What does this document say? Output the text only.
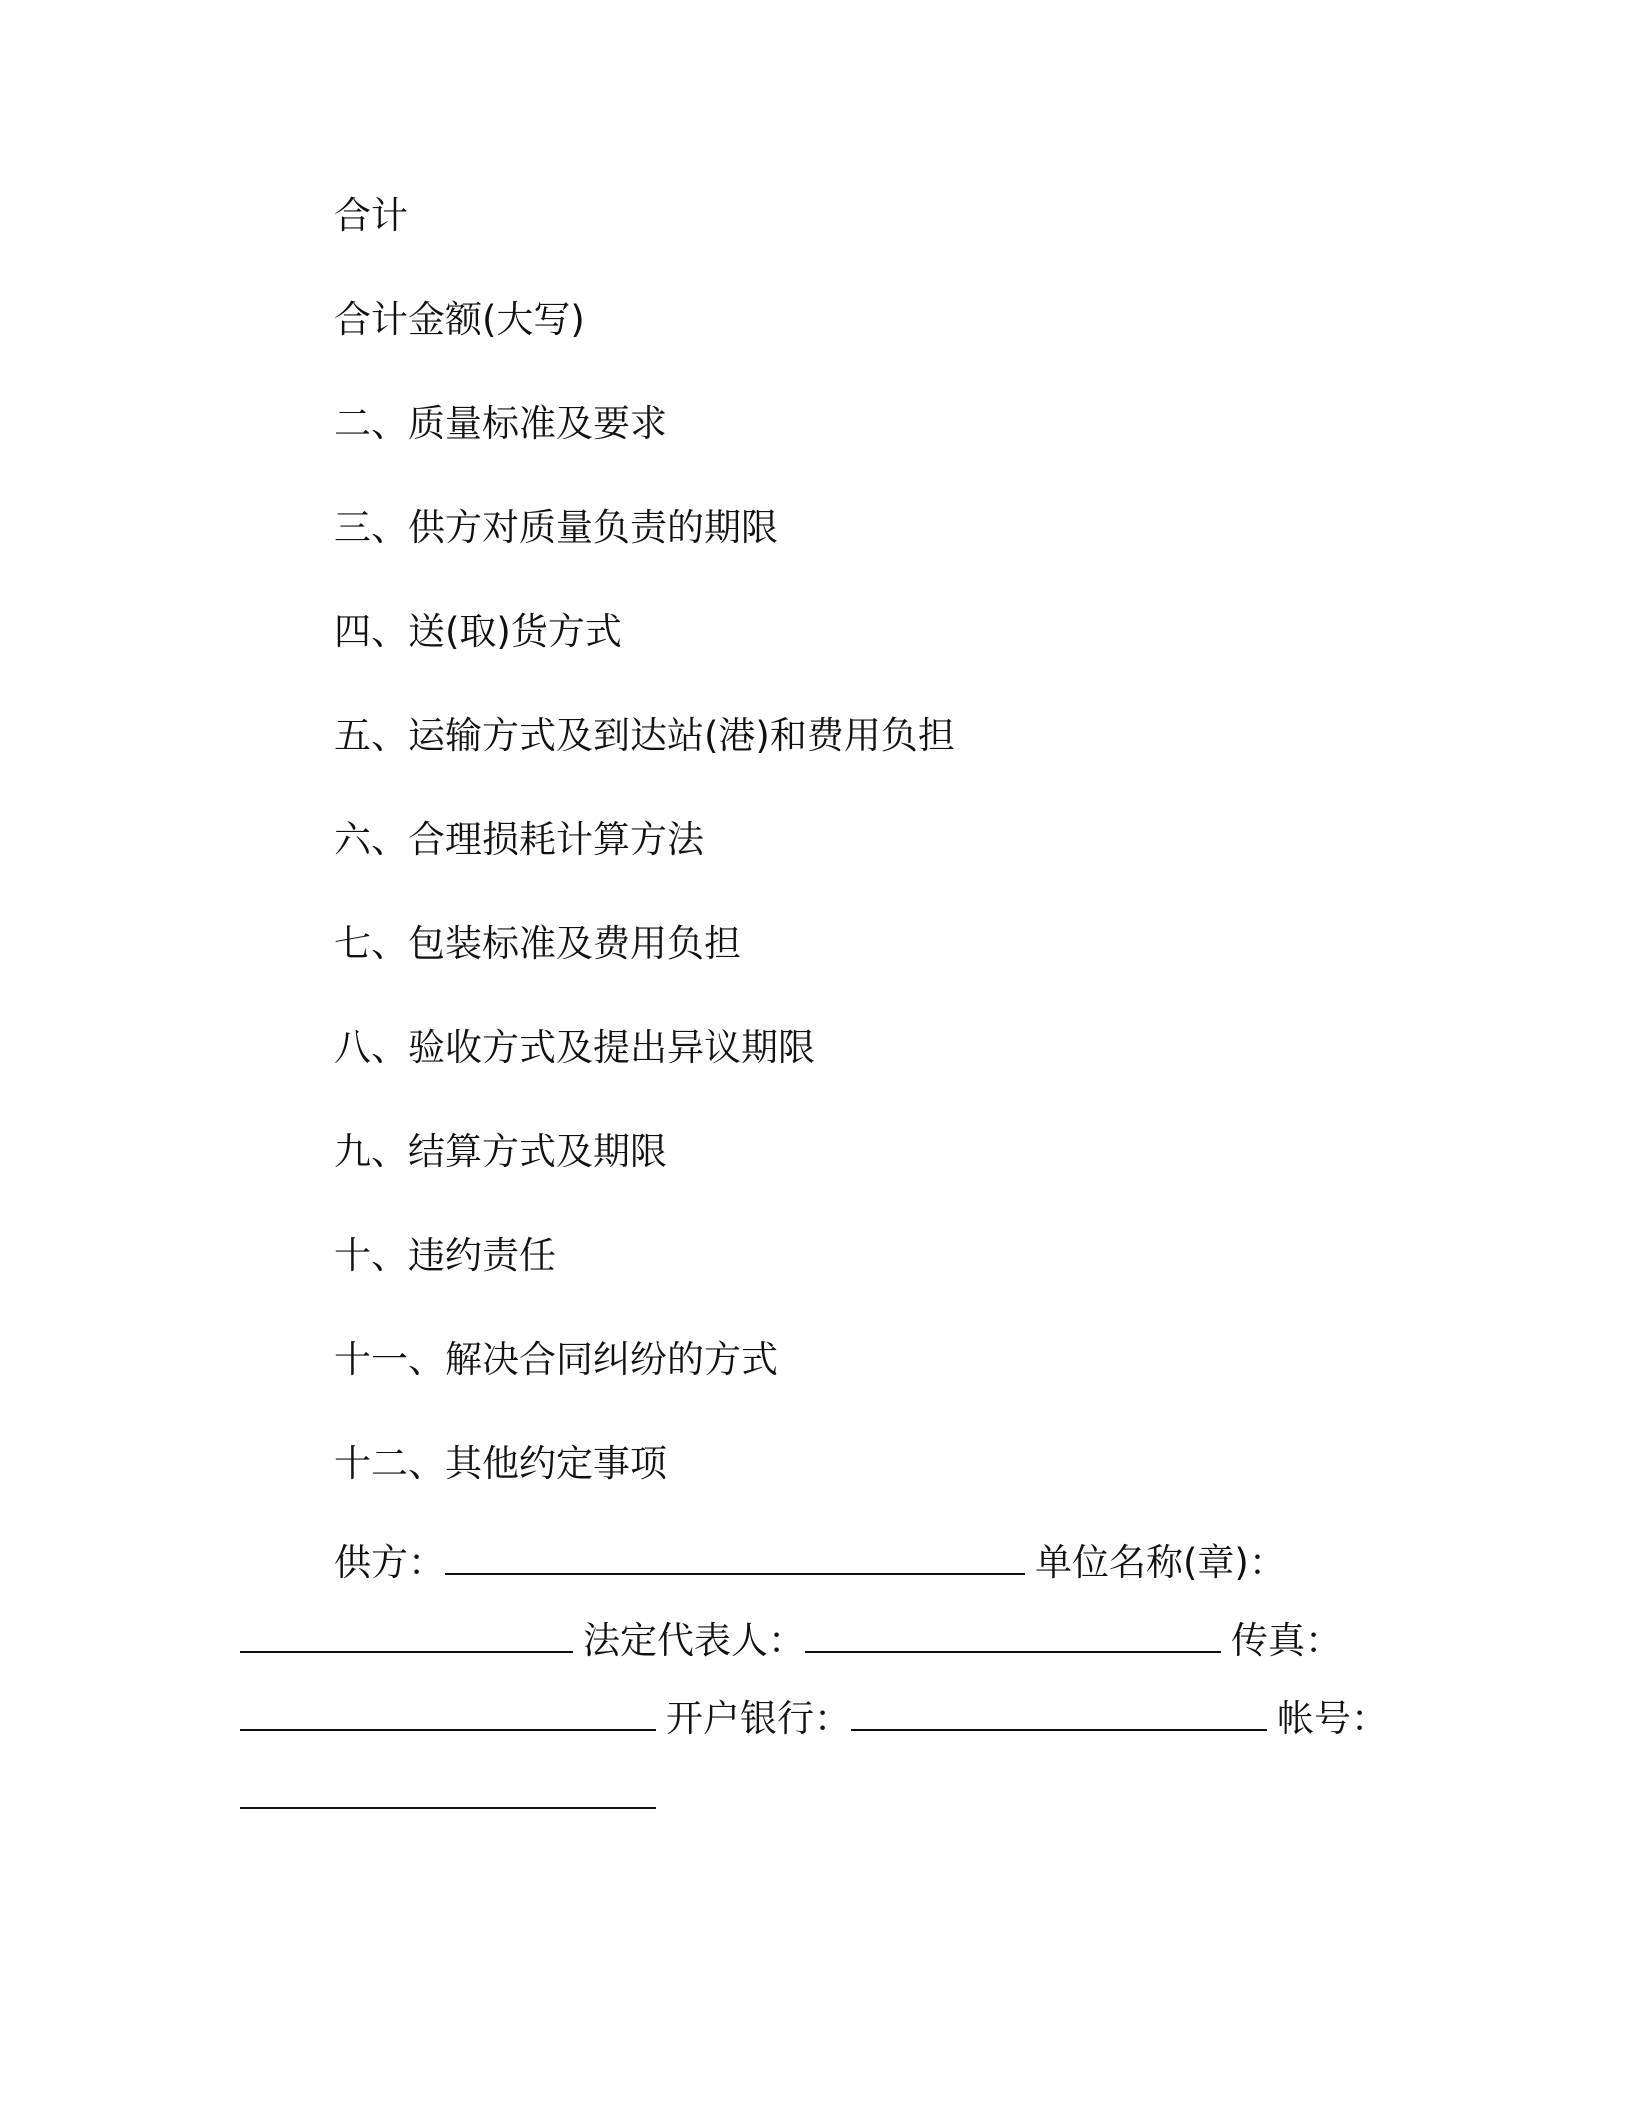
合计
合计金额(大写)
二、质量标准及要求
三、供方对质量负责的期限
四、送(取)货方式
五、运输方式及到达站(港)和费用负担
六、合理损耗计算方法
七、包装标准及费用负担
八、验收方式及提出异议期限
九、结算方式及期限
十、违约责任
十一、解决合同纠纷的方式
十二、其他约定事项
供方：	单位名称(章)：
法定代表人：	传真：
开户银行：	帐号：
